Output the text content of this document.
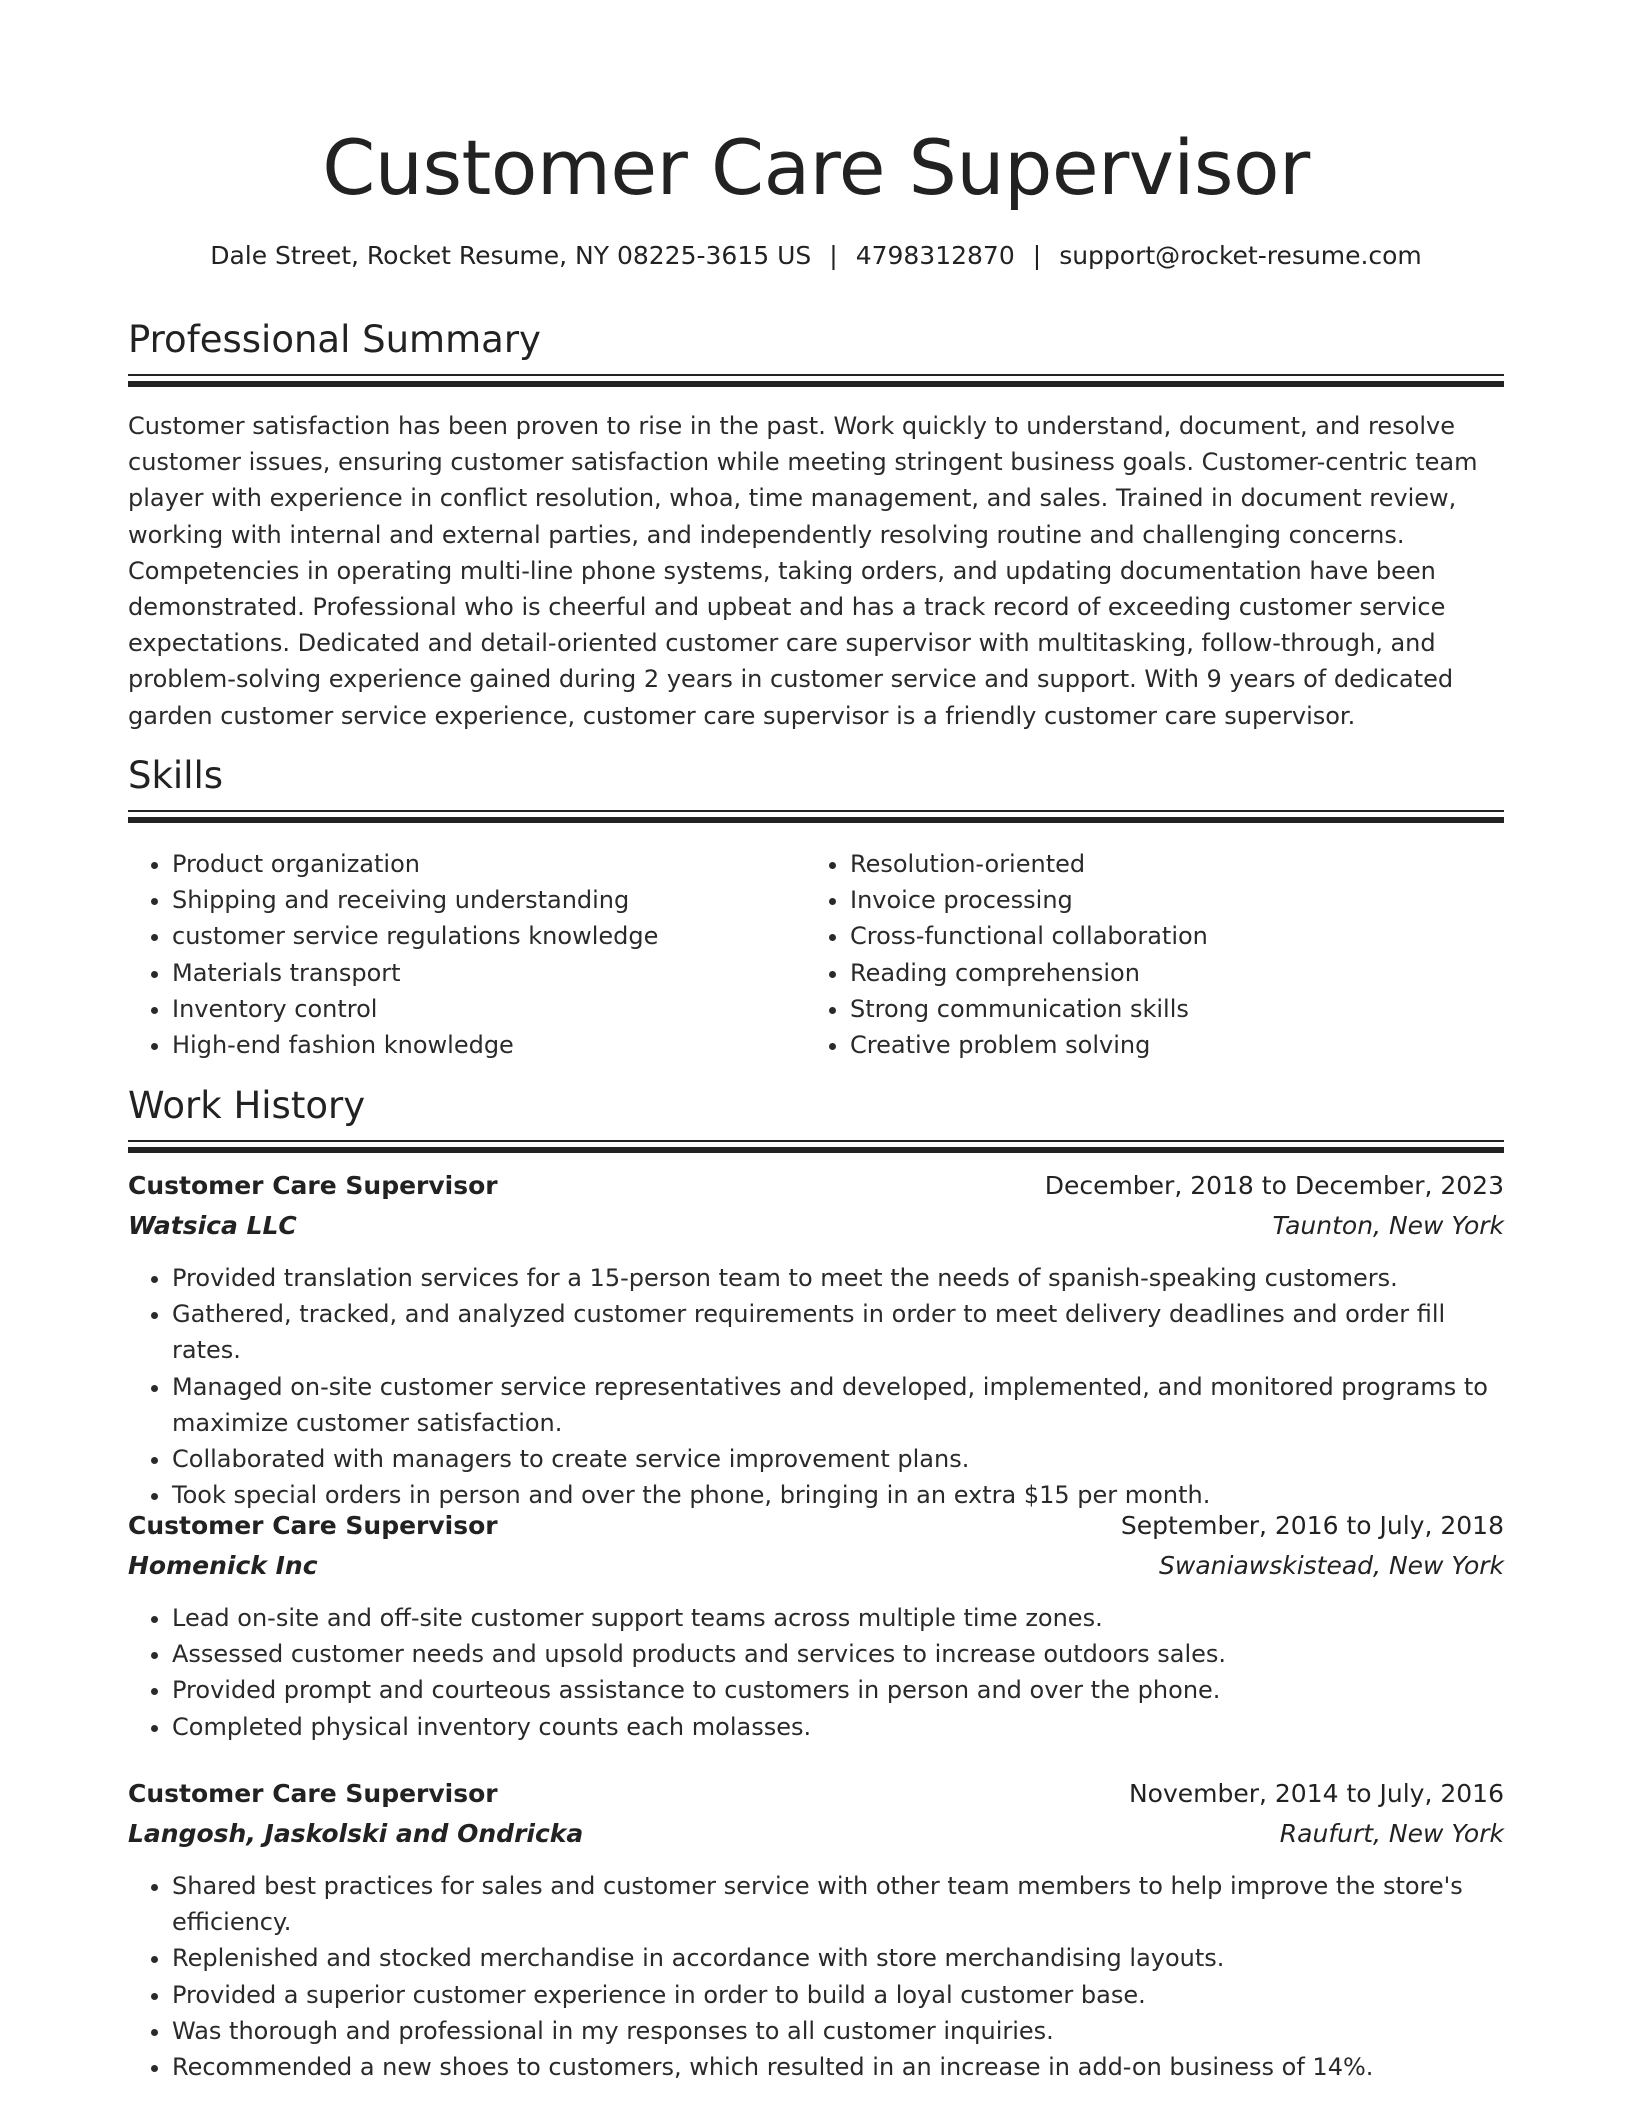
Customer Care Supervisor
Dale Street, Rocket Resume, NY 08225-3615 US | 4798312870 | support@rocket-resume.com
Professional Summary

Customer satisfaction has been proven to rise in the past. Work quickly to understand, document, and resolve customer issues, ensuring customer satisfaction while meeting stringent business goals. Customer-centric team player with experience in conflict resolution, whoa, time management, and sales. Trained in document review, working with internal and external parties, and independently resolving routine and challenging concerns. Competencies in operating multi-line phone systems, taking orders, and updating documentation have been demonstrated. Professional who is cheerful and upbeat and has a track record of exceeding customer service expectations. Dedicated and detail-oriented customer care supervisor with multitasking, follow-through, and problem-solving experience gained during 2 years in customer service and support. With 9 years of dedicated garden customer service experience, customer care supervisor is a friendly customer care supervisor.

Skills
• Product organization
• Shipping and receiving understanding
• customer service regulations knowledge
• Materials transport
• Inventory control
• High-end fashion knowledge
• Resolution-oriented
• Invoice processing
• Cross-functional collaboration
• Reading comprehension
• Strong communication skills
• Creative problem solving
Work History
Customer Care Supervisor	December, 2018 to December, 2023
Watsica LLC	Taunton, New York
• Provided translation services for a 15-person team to meet the needs of spanish-speaking customers.
• Gathered, tracked, and analyzed customer requirements in order to meet delivery deadlines and order fill rates.
• Managed on-site customer service representatives and developed, implemented, and monitored programs to maximize customer satisfaction.
• Collaborated with managers to create service improvement plans.
• Took special orders in person and over the phone, bringing in an extra $15 per month.
Customer Care Supervisor	September, 2016 to July, 2018
Homenick Inc	Swaniawskistead, New York
• Lead on-site and off-site customer support teams across multiple time zones.
• Assessed customer needs and upsold products and services to increase outdoors sales.
• Provided prompt and courteous assistance to customers in person and over the phone.
• Completed physical inventory counts each molasses.
Customer Care Supervisor	November, 2014 to July, 2016
Langosh, Jaskolski and Ondricka	Raufurt, New York
• Shared best practices for sales and customer service with other team members to help improve the store's efficiency.
• Replenished and stocked merchandise in accordance with store merchandising layouts.
• Provided a superior customer experience in order to build a loyal customer base.
• Was thorough and professional in my responses to all customer inquiries.
• Recommended a new shoes to customers, which resulted in an increase in add-on business of 14%.
